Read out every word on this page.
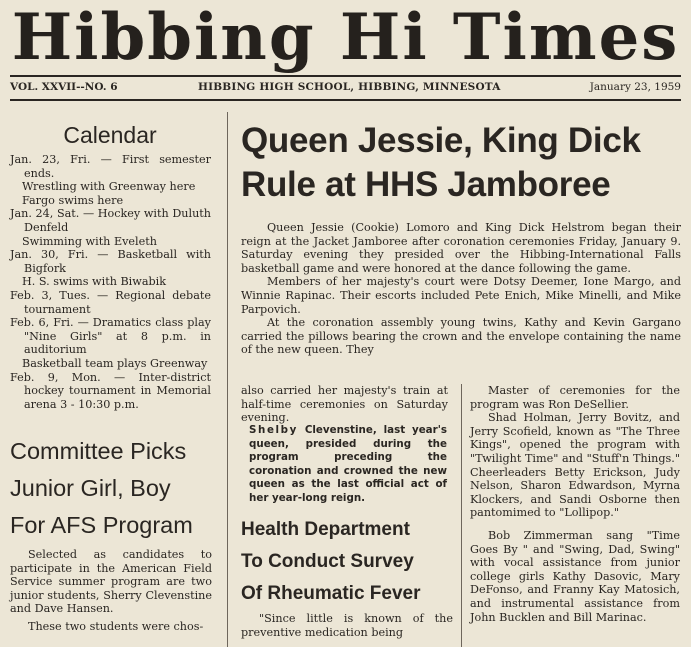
Hibbing Hi Times
VOL. XXVII--NO. 6	HIBBING HIGH SCHOOL, HIBBING, MINNESOTA	January 23, 1959
Calendar

Jan. 23, Fri. — First semester ends.

Wrestling with Greenway here

Fargo swims here

Jan. 24, Sat. — Hockey with Duluth Denfeld

Swimming with Eveleth

Jan. 30, Fri. — Basketball with Bigfork

H. S. swims with Biwabik

Feb. 3, Tues. — Regional debate tournament

Feb. 6, Fri. — Dramatics class play "Nine Girls" at 8 p.m. in auditorium

Basketball team plays Greenway

Feb. 9, Mon. — Inter-district hockey tournament in Memorial arena 3 - 10:30 p.m.

Committee Picks
Junior Girl, Boy
For AFS Program

Selected as candidates to participate in the American Field Service summer program are two junior students, Sherry Clevenstine and Dave Hansen.

These two students were chos-

Queen Jessie, King Dick
Rule at HHS Jamboree

Queen Jessie (Cookie) Lomoro and King Dick Helstrom began their reign at the Jacket Jamboree after coronation ceremonies Friday, January 9. Saturday evening they presided over the Hibbing-International Falls basketball game and were honored at the dance following the game.

Members of her majesty's court were Dotsy Deemer, Ione Margo, and Winnie Rapinac. Their escorts included Pete Enich, Mike Minelli, and Mike Parpovich.

At the coronation assembly young twins, Kathy and Kevin Gargano carried the pillows bearing the crown and the envelope containing the name of the new queen. They

also carried her majesty's train at half-time ceremonies on Saturday evening.

Shelby Clevenstine, last year's queen, presided during the program preceding the coronation and crowned the new queen as the last official act of her year-long reign.
Health Department
To Conduct Survey
Of Rheumatic Fever

"Since little is known of the preventive medication being

Master of ceremonies for the program was Ron DeSellier.

Shad Holman, Jerry Bovitz, and Jerry Scofield, known as "The Three Kings", opened the program with "Twilight Time" and "Stuff'n Things." Cheerleaders Betty Erickson, Judy Nelson, Sharon Edwardson, Myrna Klockers, and Sandi Osborne then pantomimed to "Lollipop."

Bob Zimmerman sang "Time Goes By " and "Swing, Dad, Swing" with vocal assistance from junior college girls Kathy Dasovic, Mary DeFonso, and Franny Kay Matosich, and instrumental assistance from John Bucklen and Bill Marinac.
